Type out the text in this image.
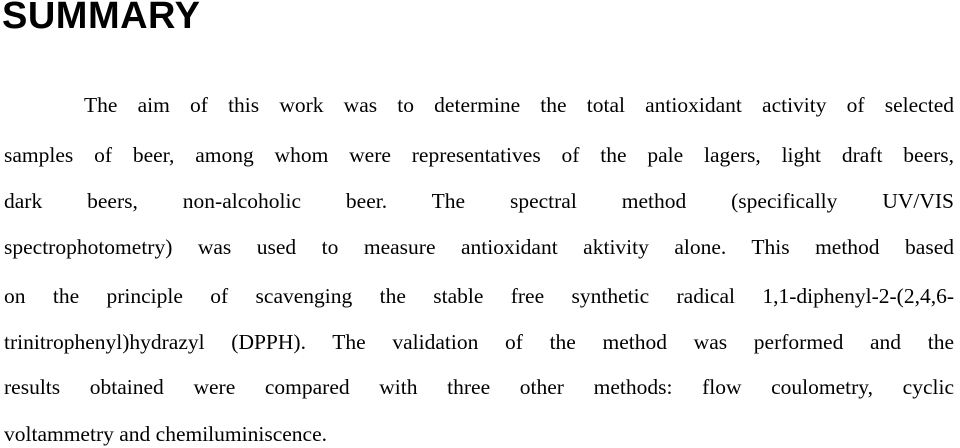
SUMMARY
The aim of this work was to determine the total antioxidant activity of selected
samples of beer, among whom were representatives of the pale lagers, light draft beers,
dark beers, non-alcoholic beer. The spectral method (specifically UV/VIS
spectrophotometry) was used to measure antioxidant aktivity alone. This method based
on the principle of scavenging the stable free synthetic radical 1,1-diphenyl-2-(2,4,6-
trinitrophenyl)hydrazyl (DPPH). The validation of the method was performed and the
results obtained were compared with three other methods: flow coulometry, cyclic
voltammetry and chemiluminiscence.
